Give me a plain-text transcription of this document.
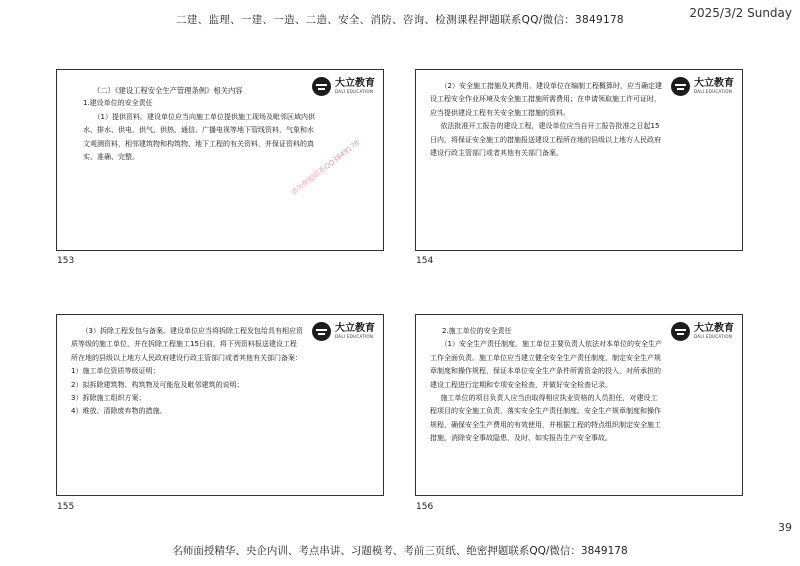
二建、监理、一建、一造、二造、安全、消防、咨询、检测课程押题联系QQ/微信：3849178	2025/3/2 Sunday
大立教育
DALI EDUCATION

（二）《建设工程安全生产管理条例》相关内容

1.建设单位的安全责任

（1）提供资料。建设单位应当向施工单位提供施工现场及毗邻区域内供水、排水、供电、供气、供热、通信、广播电视等地下管线资料，气象和水文观测资料，相邻建筑物和构筑物、地下工程的有关资料，并保证资料的真实、准确、完整。	请勿押题联系QQ3849178
153
大立教育
DALI EDUCATION

（2）安全施工措施及其费用。建设单位在编制工程概算时，应当确定建设工程安全作业环境及安全施工措施所需费用；在申请领取施工许可证时，应当提供建设工程有关安全施工措施的资料。

依法批准开工报告的建设工程，建设单位应当自开工报告批准之日起15日内，将保证安全施工的措施报送建设工程所在地的县级以上地方人民政府建设行政主管部门或者其他有关部门备案。

154
大立教育
DALI EDUCATION

（3）拆除工程发包与备案。建设单位应当将拆除工程发包给具有相应资质等级的施工单位，并在拆除工程施工15日前，将下列资料报送建设工程所在地的县级以上地方人民政府建设行政主管部门或者其他有关部门备案：

1）施工单位资质等级证明；

2）拟拆除建筑物、构筑物及可能危及毗邻建筑的说明；

3）拆除施工组织方案；

4）堆放、清除废弃物的措施。

155
大立教育
DALI EDUCATION

2.施工单位的安全责任

（1）安全生产责任制度。施工单位主要负责人依法对本单位的安全生产工作全面负责。施工单位应当建立健全安全生产责任制度，制定安全生产规章制度和操作规程，保证本单位安全生产条件所需资金的投入，对所承担的建设工程进行定期和专项安全检查，并做好安全检查记录。

施工单位的项目负责人应当由取得相应执业资格的人员担任，对建设工程项目的安全施工负责，落实安全生产责任制度、安全生产规章制度和操作规程，确保安全生产费用的有效使用，并根据工程的特点组织制定安全施工措施，消除安全事故隐患，及时、如实报告生产安全事故。

156
39
名师面授精华、央企内训、考点串讲、习题模考、考前三页纸、绝密押题联系QQ/微信：3849178
